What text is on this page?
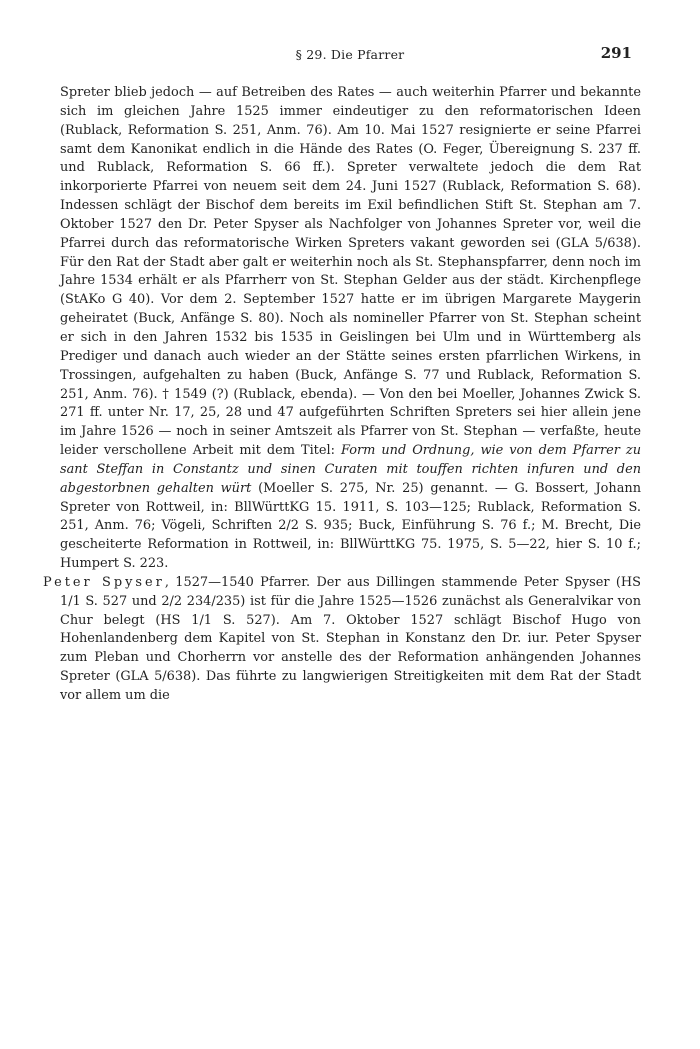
§ 29. Die Pfarrer	291

Spreter blieb jedoch — auf Betreiben des Rates — auch weiterhin Pfarrer und bekannte sich im gleichen Jahre 1525 immer eindeutiger zu den reformatorischen Ideen (Rublack, Reformation S. 251, Anm. 76). Am 10. Mai 1527 resignierte er seine Pfarrei samt dem Kanonikat endlich in die Hände des Rates (O. Feger, Übereignung S. 237 ff. und Rublack, Reformation S. 66 ff.). Spreter verwaltete jedoch die dem Rat inkorporierte Pfarrei von neuem seit dem 24. Juni 1527 (Rublack, Reformation S. 68). Indessen schlägt der Bischof dem bereits im Exil befindlichen Stift St. Stephan am 7. Oktober 1527 den Dr. Peter Spyser als Nachfolger von Johannes Spreter vor, weil die Pfarrei durch das reformatorische Wirken Spreters vakant geworden sei (GLA 5/638). Für den Rat der Stadt aber galt er weiterhin noch als St. Stephanspfarrer, denn noch im Jahre 1534 erhält er als Pfarrherr von St. Stephan Gelder aus der städt. Kirchenpflege (StAKo G 40). Vor dem 2. September 1527 hatte er im übrigen Margarete Maygerin geheiratet (Buck, Anfänge S. 80). Noch als nomineller Pfarrer von St. Stephan scheint er sich in den Jahren 1532 bis 1535 in Geislingen bei Ulm und in Württemberg als Prediger und danach auch wieder an der Stätte seines ersten pfarrlichen Wirkens, in Trossingen, aufgehalten zu haben (Buck, Anfänge S. 77 und Rublack, Reformation S. 251, Anm. 76). † 1549 (?) (Rublack, ebenda). — Von den bei Moeller, Johannes Zwick S. 271 ff. unter Nr. 17, 25, 28 und 47 aufgeführten Schriften Spreters sei hier allein jene im Jahre 1526 — noch in seiner Amtszeit als Pfarrer von St. Stephan — verfaßte, heute leider verschollene Arbeit mit dem Titel: Form und Ordnung, wie von dem Pfarrer zu sant Steffan in Constantz und sinen Curaten mit touffen richten infuren und den abgestorbnen gehalten würt (Moeller S. 275, Nr. 25) genannt. — G. Bossert, Johann Spreter von Rottweil, in: BllWürttKG 15. 1911, S. 103—125; Rublack, Reformation S. 251, Anm. 76; Vögeli, Schriften 2/2 S. 935; Buck, Einführung S. 76 f.; M. Brecht, Die gescheiterte Reformation in Rottweil, in: BllWürttKG 75. 1975, S. 5—22, hier S. 10 f.; Humpert S. 223.

Peter Spyser, 1527—1540 Pfarrer. Der aus Dillingen stammende Peter Spyser (HS 1/1 S. 527 und 2/2 234/235) ist für die Jahre 1525—1526 zunächst als Generalvikar von Chur belegt (HS 1/1 S. 527). Am 7. Oktober 1527 schlägt Bischof Hugo von Hohenlandenberg dem Kapitel von St. Stephan in Konstanz den Dr. iur. Peter Spyser zum Pleban und Chorherrn vor anstelle des der Reformation anhängenden Johannes Spreter (GLA 5/638). Das führte zu langwierigen Streitigkeiten mit dem Rat der Stadt vor allem um die
